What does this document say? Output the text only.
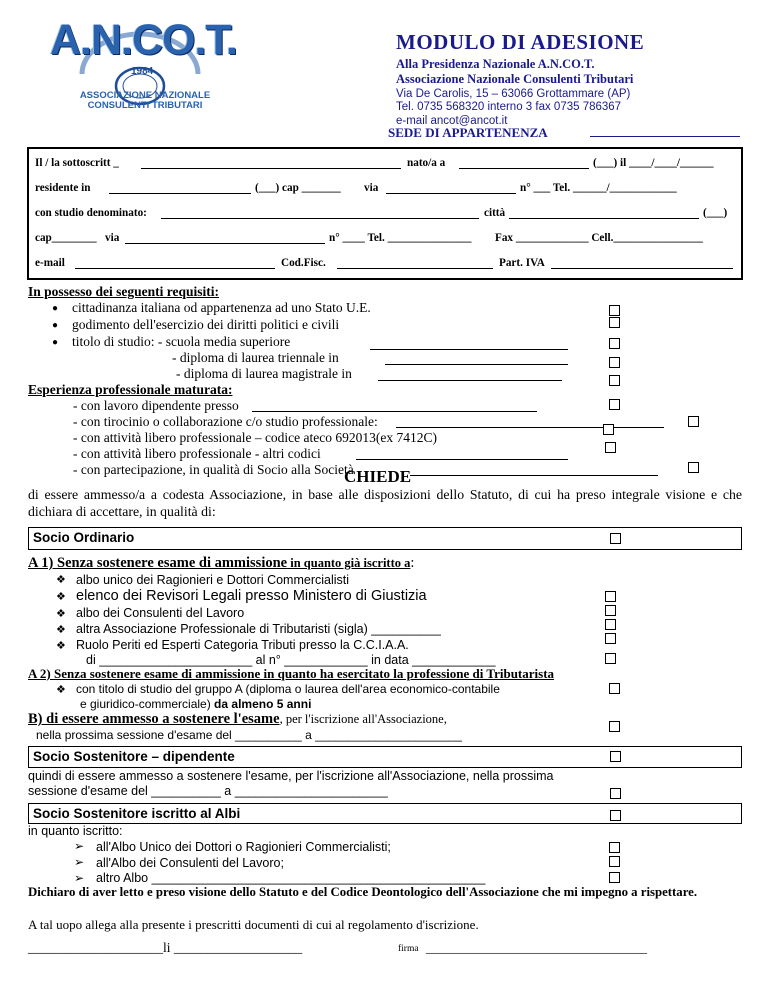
A.N.CO.T.
1984
ASSOCIAZIONE NAZIONALE
CONSULENTI TRIBUTARI
MODULO DI ADESIONE
Alla Presidenza Nazionale A.N.CO.T.
Associazione Nazionale Consulenti Tributari
Via De Carolis, 15 – 63066 Grottammare (AP)
Tel. 0735 568320 interno 3 fax 0735 786367
e-mail ancot@ancot.it
SEDE DI APPARTENENZA
Il / la sottoscritt _	nato/a a	(___) il ____/____/______
residente in	(___) cap _______ via	n° ___ Tel. ______/____________
con studio denominato:	città	(___)
cap________ via	n° ____ Tel. _______________ Fax _____________ Cell.________________
e-mail	Cod.Fisc.	Part. IVA
In possesso dei seguenti requisiti:
● cittadinanza italiana od appartenenza ad uno Stato U.E.
● godimento dell'esercizio dei diritti politici e civili
● titolo di studio: - scuola media superiore
- diploma di laurea triennale in
- diploma di laurea magistrale in
Esperienza professionale maturata:
- con lavoro dipendente presso
- con tirocinio o collaborazione c/o studio professionale:
- con attività libero professionale – codice ateco 692013(ex 7412C)
- con attività libero professionale - altri codici
- con partecipazione, in qualità di Socio alla Società
CHIEDE
di essere ammesso/a a codesta Associazione, in base alle disposizioni dello Statuto, di cui ha preso integrale visione e che dichiara di accettare, in qualità di:
Socio Ordinario
A 1) Senza sostenere esame di ammissione in quanto già iscritto a:
❖ albo unico dei Ragionieri e Dottori Commercialisti
❖ elenco dei Revisori Legali presso Ministero di Giustizia
❖ albo dei Consulenti del Lavoro
❖ altra Associazione Professionale di Tributaristi (sigla) __________
❖ Ruolo Periti ed Esperti Categoria Tributi presso la C.C.I.A.A.
di ______________________ al n° ____________ in data ____________
A 2) Senza sostenere esame di ammissione in quanto ha esercitato la professione di Tributarista
❖ con titolo di studio del gruppo A (diploma o laurea dell'area economico-contabile
e giuridico-commerciale) da almeno 5 anni
B) di essere ammesso a sostenere l'esame, per l'iscrizione all'Associazione,
nella prossima sessione d'esame del __________ a ______________________
Socio Sostenitore – dipendente
quindi di essere ammesso a sostenere l'esame, per l'iscrizione all'Associazione, nella prossima
sessione d'esame del __________ a ______________________
Socio Sostenitore iscritto al Albi
in quanto iscritto:
➢ all'Albo Unico dei Dottori o Ragionieri Commercialisti;
➢ all'Albo dei Consulenti del Lavoro;
➢ altro Albo ________________________________________________
Dichiaro di aver letto e preso visione dello Statuto e del Codice Deontologico dell'Associazione che mi impegno a rispettare.
A tal uopo allega alla presente i prescritti documenti di cui al regolamento d'iscrizione.
____________________li ___________________	firma __________________________________
